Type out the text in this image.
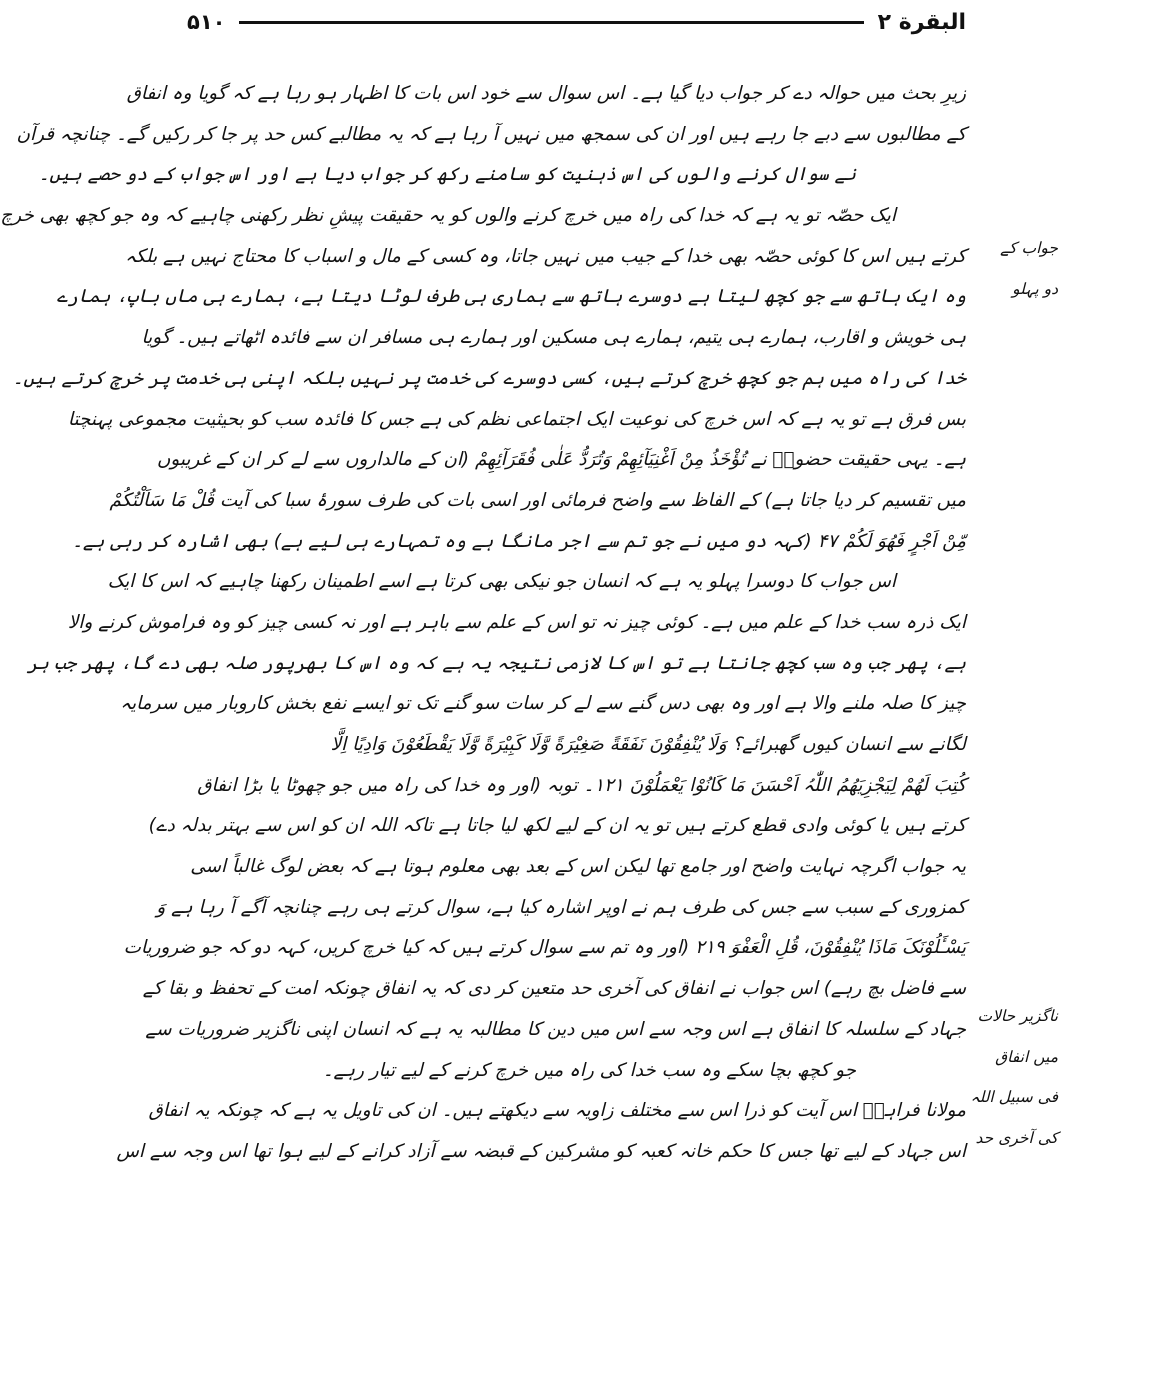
البقرة ۲
۵۱۰
جواب کے
دو پہلو
ناگزیر حالات
میں انفاق
فی سبیل اللہ
کی آخری حد
زیرِ بحث میں حوالہ دے کر جواب دیا گیا ہے۔ اس سوال سے خود اس بات کا اظہار ہو رہا ہے کہ گویا وہ انفاق
کے مطالبوں سے دبے جا رہے ہیں اور ان کی سمجھ میں نہیں آ رہا ہے کہ یہ مطالبے کس حد پر جا کر رکیں گے۔ چنانچہ قرآن
نے سوال کرنے والوں کی اس ذہنیت کو سامنے رکھ کر جواب دیا ہے اور اس جواب کے دو حصے ہیں۔
ایک حصّہ تو یہ ہے کہ خدا کی راہ میں خرچ کرنے والوں کو یہ حقیقت پیشِ نظر رکھنی چاہیے کہ وہ جو کچھ بھی خرچ
کرتے ہیں اس کا کوئی حصّہ بھی خدا کے جیب میں نہیں جاتا، وہ کسی کے مال و اسباب کا محتاج نہیں ہے بلکہ
وہ ایک ہاتھ سے جو کچھ لیتا ہے دوسرے ہاتھ سے ہماری ہی طرف لوٹا دیتا ہے، ہمارے ہی ماں باپ، ہمارے
ہی خویش و اقارب، ہمارے ہی یتیم، ہمارے ہی مسکین اور ہمارے ہی مسافر ان سے فائدہ اٹھاتے ہیں۔ گویا
خدا کی راہ میں ہم جو کچھ خرچ کرتے ہیں، کسی دوسرے کی خدمت پر نہیں بلکہ اپنی ہی خدمت پر خرچ کرتے ہیں۔
بس فرق ہے تو یہ ہے کہ اس خرچ کی نوعیت ایک اجتماعی نظم کی ہے جس کا فائدہ سب کو بحیثیت مجموعی پہنچتا
ہے۔ یہی حقیقت حضورؐ نے تُؤْخَذُ مِنْ اَغْنِیَآئِھِمْ وَتُرَدُّ عَلٰی فُقَرَآئِھِمْ (ان کے مالداروں سے لے کر ان کے غریبوں
میں تقسیم کر دیا جاتا ہے) کے الفاظ سے واضح فرمائی اور اسی بات کی طرف سورۂ سبا کی آیت قُلْ مَا سَاَلْتُکُمْ
مِّنْ اَجْرٍ فَھُوَ لَکُمْ ۴۷ (کہہ دو میں نے جو تم سے اجر مانگا ہے وہ تمہارے ہی لیے ہے) بھی اشارہ کر رہی ہے۔
اس جواب کا دوسرا پہلو یہ ہے کہ انسان جو نیکی بھی کرتا ہے اسے اطمینان رکھنا چاہیے کہ اس کا ایک
ایک ذرہ سب خدا کے علم میں ہے۔ کوئی چیز نہ تو اس کے علم سے باہر ہے اور نہ کسی چیز کو وہ فراموش کرنے والا
ہے، پھر جب وہ سب کچھ جانتا ہے تو اس کا لازمی نتیجہ یہ ہے کہ وہ اس کا بھرپور صلہ بھی دے گا، پھر جب ہر
چیز کا صلہ ملنے والا ہے اور وہ بھی دس گنے سے لے کر سات سو گنے تک تو ایسے نفع بخش کاروبار میں سرمایہ
لگانے سے انسان کیوں گھبرائے؟ وَلَا یُنْفِقُوْنَ نَفَقَةً صَغِیْرَةً وَّلَا کَبِیْرَةً وَّلَا یَقْطَعُوْنَ وَادِیًا اِلَّا
کُتِبَ لَھُمْ لِیَجْزِیَھُمُ اللّٰہُ اَحْسَنَ مَا کَانُوْا یَعْمَلُوْنَ ۱۲۱۔ توبہ (اور وہ خدا کی راہ میں جو چھوٹا یا بڑا انفاق
کرتے ہیں یا کوئی وادی قطع کرتے ہیں تو یہ ان کے لیے لکھ لیا جاتا ہے تاکہ اللہ ان کو اس سے بہتر بدلہ دے)
یہ جواب اگرچہ نہایت واضح اور جامع تھا لیکن اس کے بعد بھی معلوم ہوتا ہے کہ بعض لوگ غالباً اسی
کمزوری کے سبب سے جس کی طرف ہم نے اوپر اشارہ کیا ہے، سوال کرتے ہی رہے چنانچہ آگے آ رہا ہے وَ
یَسْـَٔلُوْنَکَ مَاذَا یُنْفِقُوْنَ، قُلِ الْعَفْوَ ۲۱۹ (اور وہ تم سے سوال کرتے ہیں کہ کیا خرچ کریں، کہہ دو کہ جو ضروریات
سے فاضل بچ رہے) اس جواب نے انفاق کی آخری حد متعین کر دی کہ یہ انفاق چونکہ امت کے تحفظ و بقا کے
جہاد کے سلسلہ کا انفاق ہے اس وجہ سے اس میں دین کا مطالبہ یہ ہے کہ انسان اپنی ناگزیر ضروریات سے
جو کچھ بچا سکے وہ سب خدا کی راہ میں خرچ کرنے کے لیے تیار رہے۔
مولانا فراہیؒ اس آیت کو ذرا اس سے مختلف زاویہ سے دیکھتے ہیں۔ ان کی تاویل یہ ہے کہ چونکہ یہ انفاق
اس جہاد کے لیے تھا جس کا حکم خانہ کعبہ کو مشرکین کے قبضہ سے آزاد کرانے کے لیے ہوا تھا اس وجہ سے اس
